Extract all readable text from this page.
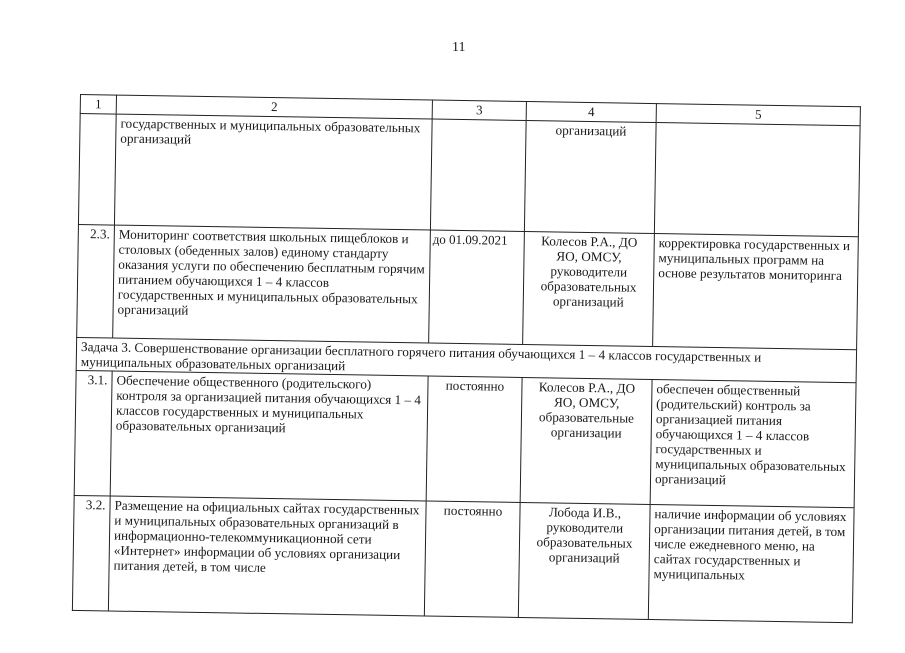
11
1	2	3	4	5
	государственных и муниципальных образовательных организаций		организаций	
2.3.	Мониторинг соответствия школьных пищеблоков и столовых (обеденных залов) единому стандарту оказания услуги по обеспечению бесплатным горячим питанием обучающихся 1 – 4 классов государственных и муниципальных образовательных организаций	до 01.09.2021	Колесов Р.А., ДО ЯО, ОМСУ, руководители образовательных организаций	корректировка государственных и муниципальных программ на основе результатов мониторинга
Задача 3. Совершенствование организации бесплатного горячего питания обучающихся 1 – 4 классов государственных и муниципальных образовательных организаций				
3.1.	Обеспечение общественного (родительского) контроля за организацией питания обучающихся 1 – 4 классов государственных и муниципальных образовательных организаций	постоянно	Колесов Р.А., ДО ЯО, ОМСУ, образовательные организации	обеспечен общественный (родительский) контроль за организацией питания обучающихся 1 – 4 классов государственных и муниципальных образовательных организаций
3.2.	Размещение на официальных сайтах государственных и муниципальных образовательных организаций в информационно-телекоммуникационной сети «Интернет» информации об условиях организации питания детей, в том числе	постоянно	Лобода И.В., руководители образовательных организаций	наличие информации об условиях организации питания детей, в том числе ежедневного меню, на сайтах государственных и муниципальных
